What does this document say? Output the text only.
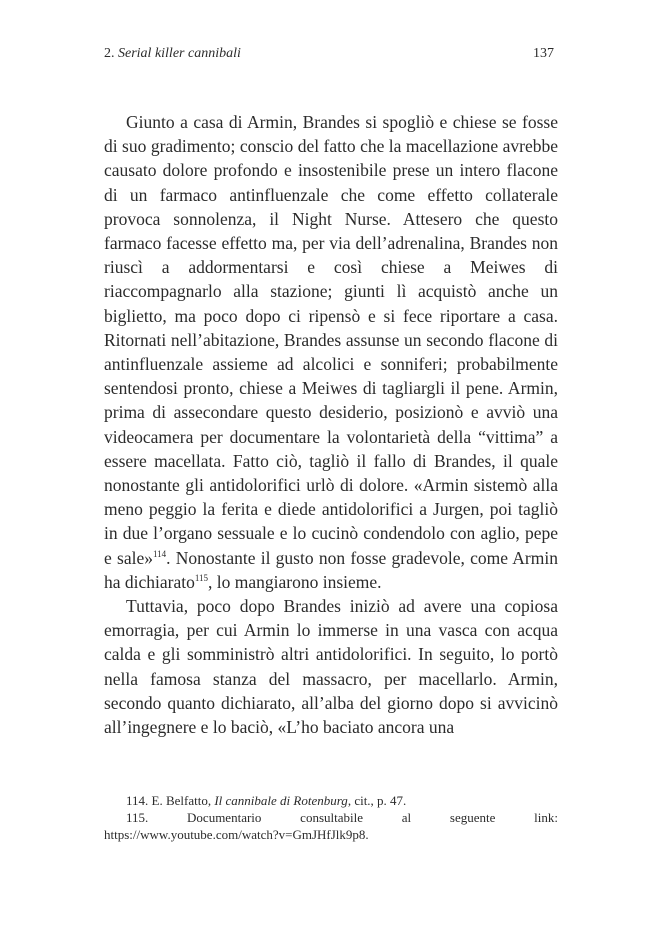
2. Serial killer cannibali	137

Giunto a casa di Armin, Brandes si spogliò e chiese se fosse di suo gradimento; conscio del fatto che la macellazione avrebbe causato dolore profondo e insostenibile prese un intero flacone di un farmaco antinfluenzale che come effetto collaterale provoca sonnolenza, il Night Nurse. Attesero che questo farmaco facesse effetto ma, per via dell’adrenalina, Brandes non riuscì a addormentarsi e così chiese a Meiwes di riaccompagnarlo alla stazione; giunti lì acquistò anche un biglietto, ma poco dopo ci ripensò e si fece riportare a casa. Ritornati nell’abitazione, Brandes assunse un secondo flacone di antinfluenzale assieme ad alcolici e sonniferi; probabilmente sentendosi pronto, chiese a Meiwes di tagliargli il pene. Armin, prima di assecondare questo desiderio, posizionò e avviò una videocamera per documentare la volontarietà della “vittima” a essere macellata. Fatto ciò, tagliò il fallo di Brandes, il quale nonostante gli antidolorifici urlò di dolore. «Armin sistemò alla meno peggio la ferita e diede antidolorifici a Jurgen, poi tagliò in due l’organo sessuale e lo cucinò condendolo con aglio, pepe e sale»$^{114}$. Nonostante il gusto non fosse gradevole, come Armin ha dichiarato$^{115}$, lo mangiarono insieme.

Tuttavia, poco dopo Brandes iniziò ad avere una copiosa emorragia, per cui Armin lo immerse in una vasca con acqua calda e gli somministrò altri antidolorifici. In seguito, lo portò nella famosa stanza del massacro, per macellarlo. Armin, secondo quanto dichiarato, all’alba del giorno dopo si avvicinò all’ingegnere e lo baciò, «L’ho baciato ancora una

114. E. Belfatto, Il cannibale di Rotenburg, cit., p. 47.

115. Documentario consultabile al seguente link: https://www.youtube.com/watch?v=GmJHfJlk9p8.
